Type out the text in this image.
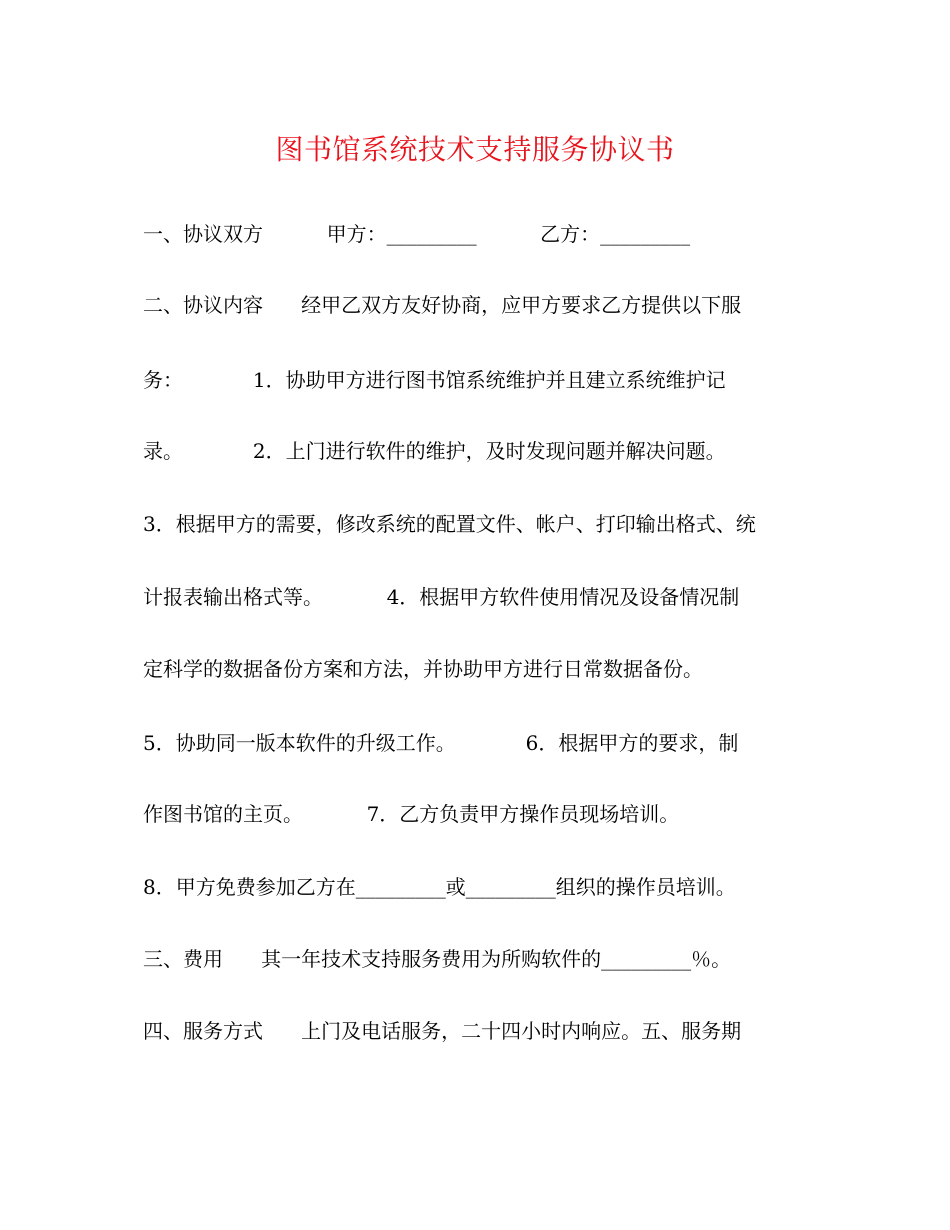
图书馆系统技术支持服务协议书
一、协议双方          甲方：_________          乙方：_________
二、协议内容      经甲乙双方友好协商，应甲方要求乙方提供以下服
务：           1．协助甲方进行图书馆系统维护并且建立系统维护记
录。           2．上门进行软件的维护，及时发现问题并解决问题。
3．根据甲方的需要，修改系统的配置文件、帐户、打印输出格式、统
计报表输出格式等。          4．根据甲方软件使用情况及设备情况制
定科学的数据备份方案和方法，并协助甲方进行日常数据备份。
5．协助同一版本软件的升级工作。           6．根据甲方的要求，制
作图书馆的主页。          7．乙方负责甲方操作员现场培训。
8．甲方免费参加乙方在_________或_________组织的操作员培训。
三、费用      其一年技术支持服务费用为所购软件的_________％。
四、服务方式      上门及电话服务，二十四小时内响应。五、服务期
